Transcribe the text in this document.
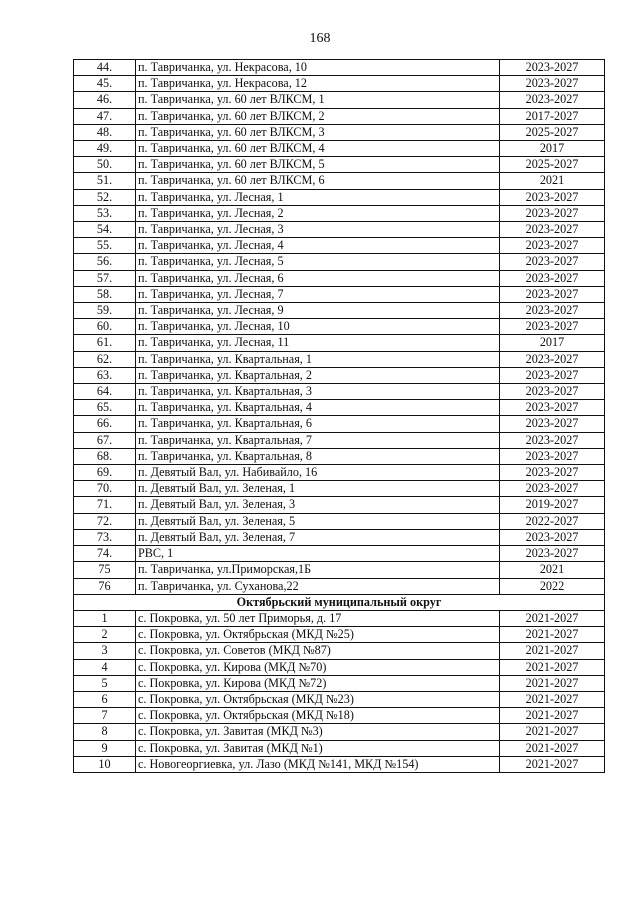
168
44.	п. Тавричанка, ул. Некрасова, 10	2023-2027
45.	п. Тавричанка, ул. Некрасова, 12	2023-2027
46.	п. Тавричанка, ул. 60 лет ВЛКСМ, 1	2023-2027
47.	п. Тавричанка, ул. 60 лет ВЛКСМ, 2	2017-2027
48.	п. Тавричанка, ул. 60 лет ВЛКСМ, 3	2025-2027
49.	п. Тавричанка, ул. 60 лет ВЛКСМ, 4	2017
50.	п. Тавричанка, ул. 60 лет ВЛКСМ, 5	2025-2027
51.	п. Тавричанка, ул. 60 лет ВЛКСМ, 6	2021
52.	п. Тавричанка, ул. Лесная, 1	2023-2027
53.	п. Тавричанка, ул. Лесная, 2	2023-2027
54.	п. Тавричанка, ул. Лесная, 3	2023-2027
55.	п. Тавричанка, ул. Лесная, 4	2023-2027
56.	п. Тавричанка, ул. Лесная, 5	2023-2027
57.	п. Тавричанка, ул. Лесная, 6	2023-2027
58.	п. Тавричанка, ул. Лесная, 7	2023-2027
59.	п. Тавричанка, ул. Лесная, 9	2023-2027
60.	п. Тавричанка, ул. Лесная, 10	2023-2027
61.	п. Тавричанка, ул. Лесная, 11	2017
62.	п. Тавричанка, ул. Квартальная, 1	2023-2027
63.	п. Тавричанка, ул. Квартальная, 2	2023-2027
64.	п. Тавричанка, ул. Квартальная, 3	2023-2027
65.	п. Тавричанка, ул. Квартальная, 4	2023-2027
66.	п. Тавричанка, ул. Квартальная, 6	2023-2027
67.	п. Тавричанка, ул. Квартальная, 7	2023-2027
68.	п. Тавричанка, ул. Квартальная, 8	2023-2027
69.	п. Девятый Вал, ул. Набивайло, 16	2023-2027
70.	п. Девятый Вал, ул. Зеленая, 1	2023-2027
71.	п. Девятый Вал, ул. Зеленая, 3	2019-2027
72.	п. Девятый Вал, ул. Зеленая, 5	2022-2027
73.	п. Девятый Вал, ул. Зеленая, 7	2023-2027
74.	РВС, 1	2023-2027
75	п. Тавричанка, ул.Приморская,1Б	2021
76	п. Тавричанка, ул. Суханова,22	2022
Октябрьский муниципальный округ		
1	с. Покровка, ул. 50 лет Приморья, д. 17	2021-2027
2	с. Покровка, ул. Октябрьская (МКД №25)	2021-2027
3	с. Покровка, ул. Советов (МКД №87)	2021-2027
4	с. Покровка, ул. Кирова (МКД №70)	2021-2027
5	с. Покровка, ул. Кирова (МКД №72)	2021-2027
6	с. Покровка, ул. Октябрьская (МКД №23)	2021-2027
7	с. Покровка, ул. Октябрьская (МКД №18)	2021-2027
8	с. Покровка, ул. Завитая (МКД №3)	2021-2027
9	с. Покровка, ул. Завитая (МКД №1)	2021-2027
10	с. Новогеоргиевка, ул. Лазо (МКД №141, МКД №154)	2021-2027
